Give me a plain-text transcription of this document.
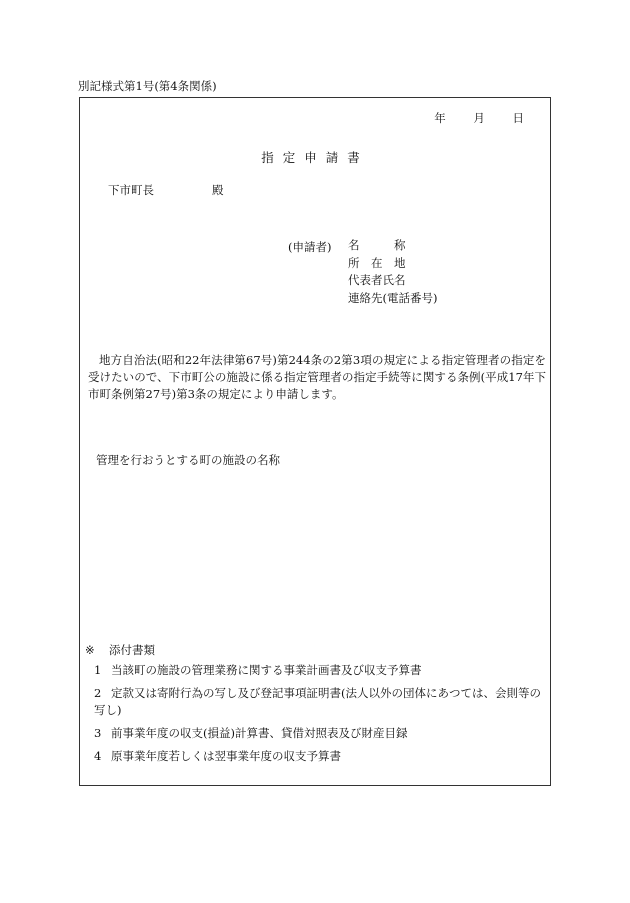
別記様式第1号(第4条関係)
年 月 日
指定申請書
下市町長	殿
(申請者) 名　　　称
所　在　地
代表者氏名
連絡先(電話番号)
地方自治法(昭和22年法律第67号)第244条の2第3項の規定による指定管理者の指定を受けたいので、下市町公の施設に係る指定管理者の指定手続等に関する条例(平成17年下市町条例第27号)第3条の規定により申請します。
管理を行おうとする町の施設の名称
※ 添付書類
1 当該町の施設の管理業務に関する事業計画書及び収支予算書
2 定款又は寄附行為の写し及び登記事項証明書(法人以外の団体にあつては、会則等の写し)
3 前事業年度の収支(損益)計算書、貸借対照表及び財産目録
4 原事業年度若しくは翌事業年度の収支予算書
